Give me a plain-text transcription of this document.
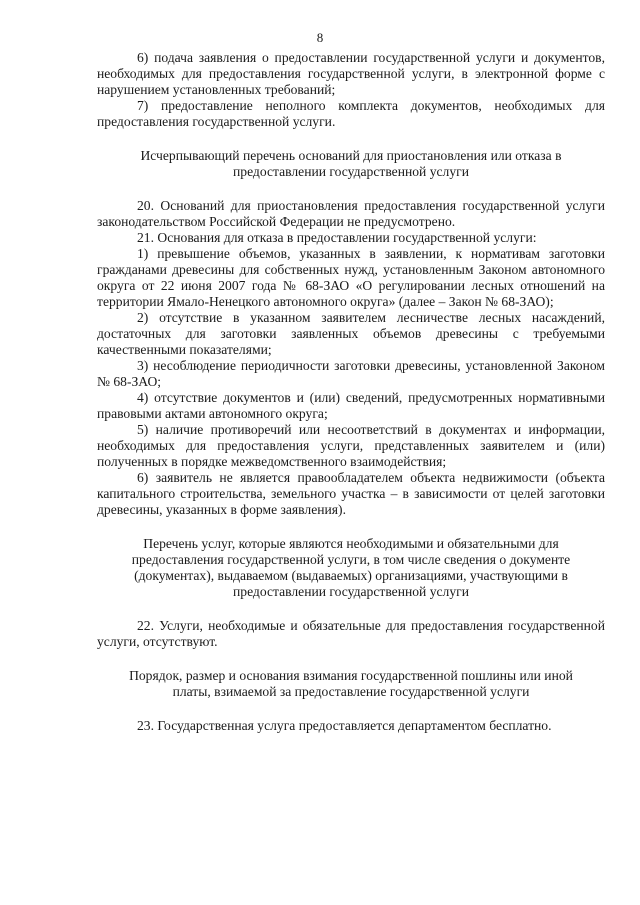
8

6) подача заявления о предоставлении государственной услуги и документов, необходимых для предоставления государственной услуги, в электронной форме с нарушением установленных требований;

7) предоставление неполного комплекта документов, необходимых для предоставления государственной услуги.

Исчерпывающий перечень оснований для приостановления или отказа в предоставлении государственной услуги

20. Оснований для приостановления предоставления государственной услуги законодательством Российской Федерации не предусмотрено.

21. Основания для отказа в предоставлении государственной услуги:

1) превышение объемов, указанных в заявлении, к нормативам заготовки гражданами древесины для собственных нужд, установленным Законом автономного округа от 22 июня 2007 года № 68-ЗАО «О регулировании лесных отношений на территории Ямало-Ненецкого автономного округа» (далее – Закон № 68-ЗАО);

2) отсутствие в указанном заявителем лесничестве лесных насаждений, достаточных для заготовки заявленных объемов древесины с требуемыми качественными показателями;

3) несоблюдение периодичности заготовки древесины, установленной Законом № 68-ЗАО;

4) отсутствие документов и (или) сведений, предусмотренных нормативными правовыми актами автономного округа;

5) наличие противоречий или несоответствий в документах и информации, необходимых для предоставления услуги, представленных заявителем и (или) полученных в порядке межведомственного взаимодействия;

6) заявитель не является правообладателем объекта недвижимости (объекта капитального строительства, земельного участка – в зависимости от целей заготовки древесины, указанных в форме заявления).

Перечень услуг, которые являются необходимыми и обязательными для предоставления государственной услуги, в том числе сведения о документе (документах), выдаваемом (выдаваемых) организациями, участвующими в предоставлении государственной услуги

22. Услуги, необходимые и обязательные для предоставления государственной услуги, отсутствуют.

Порядок, размер и основания взимания государственной пошлины или иной платы, взимаемой за предоставление государственной услуги

23. Государственная услуга предоставляется департаментом бесплатно.
